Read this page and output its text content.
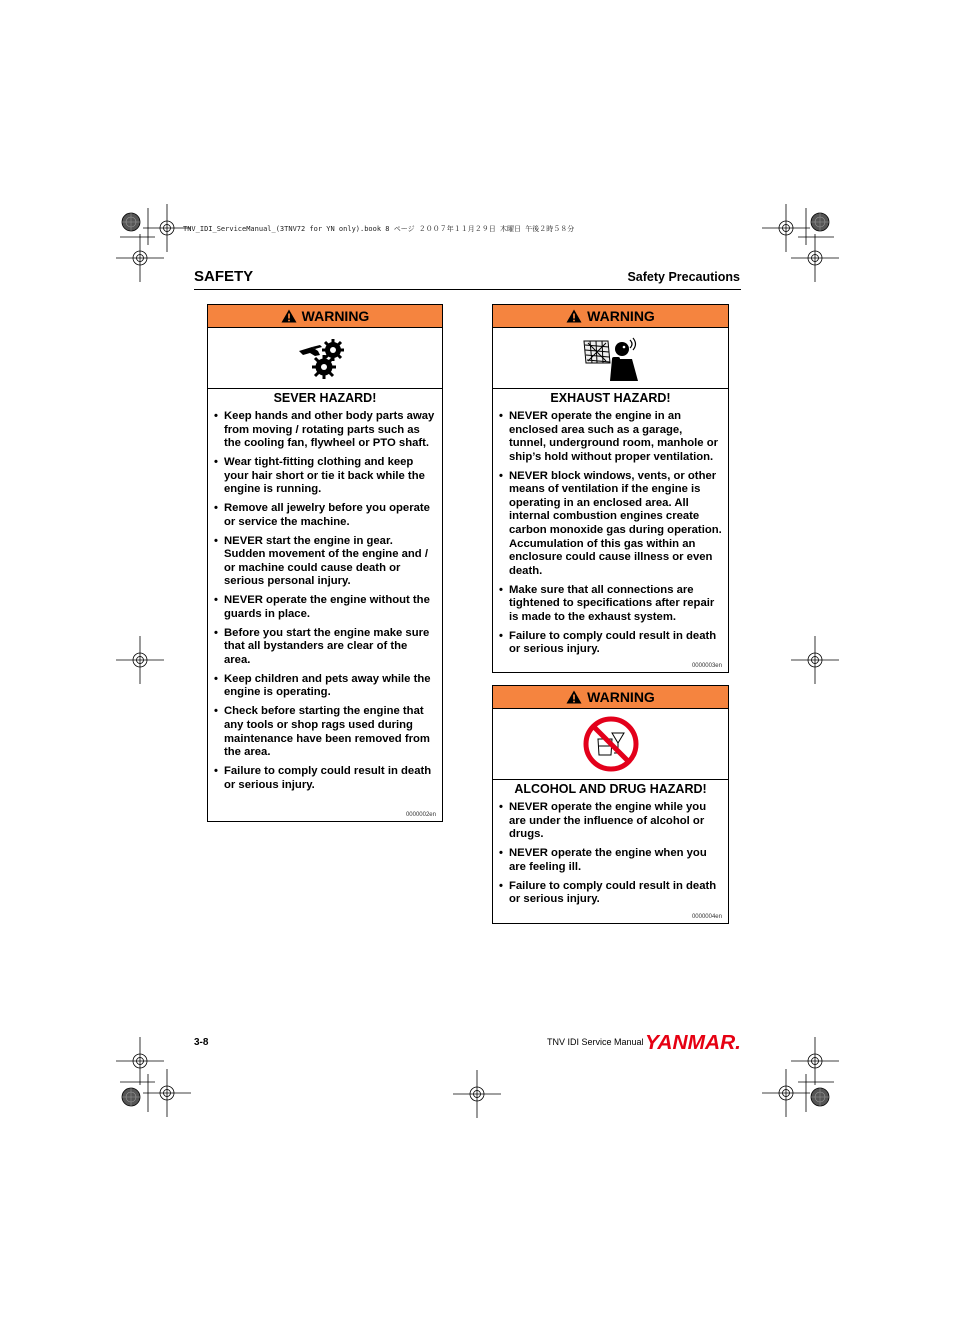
TNV_IDI_ServiceManual_(3TNV72 for YN only).book 8 ページ ２００７年１１月２９日 木曜日 午後２時５８分
SAFETY	Safety Precautions
WARNING
SEVER HAZARD!
• Keep hands and other body parts away from moving / rotating parts such as the cooling fan, flywheel or PTO shaft.
• Wear tight-fitting clothing and keep your hair short or tie it back while the engine is running.
• Remove all jewelry before you operate or service the machine.
• NEVER start the engine in gear. Sudden movement of the engine and / or machine could cause death or serious personal injury.
• NEVER operate the engine without the guards in place.
• Before you start the engine make sure that all bystanders are clear of the area.
• Keep children and pets away while the engine is operating.
• Check before starting the engine that any tools or shop rags used during maintenance have been removed from the area.
• Failure to comply could result in death or serious injury.
0000002en
WARNING
EXHAUST HAZARD!
• NEVER operate the engine in an enclosed area such as a garage, tunnel, underground room, manhole or ship’s hold without proper ventilation.
• NEVER block windows, vents, or other means of ventilation if the engine is operating in an enclosed area. All internal combustion engines create carbon monoxide gas during operation. Accumulation of this gas within an enclosure could cause illness or even death.
• Make sure that all connections are tightened to specifications after repair is made to the exhaust system.
• Failure to comply could result in death or serious injury.
0000003en
WARNING
ALCOHOL AND DRUG HAZARD!
• NEVER operate the engine while you are under the influence of alcohol or drugs.
• NEVER operate the engine when you are feeling ill.
• Failure to comply could result in death or serious injury.
0000004en
3-8	TNV IDI Service Manual YANMAR.
